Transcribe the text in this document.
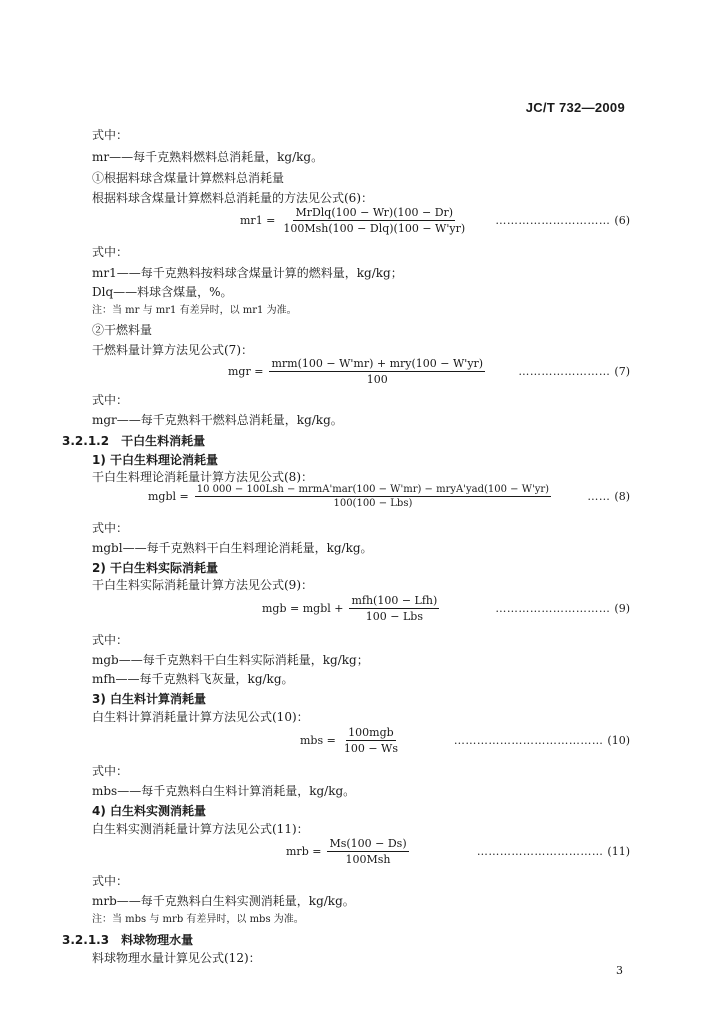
JC/T 732—2009
式中：
mr——每千克熟料燃料总消耗量，kg/kg。
①根据料球含煤量计算燃料总消耗量
根据料球含煤量计算燃料总消耗量的方法见公式(6)：
$mr1 = \frac{\text{MrDlq(100 − Wr)(100 − Dr)}}{\text{100Msh(100 − Dlq)(100 − W'yr)}}$	………………………… (6)
式中：
mr1——每千克熟料按料球含煤量计算的燃料量，kg/kg；
Dlq——料球含煤量，%。
注：当 mr 与 mr1 有差异时，以 mr1 为准。
②干燃料量
干燃料量计算方法见公式(7)：
mgr = $\frac{\text{mrm(100 − W'mr) + mry(100 − W'yr)}}{100}$	…………………… (7)
式中：
mgr——每千克熟料干燃料总消耗量，kg/kg。
3.2.1.2　干白生料消耗量
1) 干白生料理论消耗量
干白生料理论消耗量计算方法见公式(8)：
mgbl =
10 000 − 100Lsh − mrmA'mar(100 − W'mr) − mryA'yad(100 − W'yr)
100(100 − Lbs)
…… (8)
式中：
mgbl——每千克熟料干白生料理论消耗量，kg/kg。
2) 干白生料实际消耗量
干白生料实际消耗量计算方法见公式(9)：
mgb = mgbl + $\frac{\text{mfh(100 − Lfh)}}{\text{100 − Lbs}}$	………………………… (9)
式中：
mgb——每千克熟料干白生料实际消耗量，kg/kg；
mfh——每千克熟料飞灰量，kg/kg。
3) 白生料计算消耗量
白生料计算消耗量计算方法见公式(10)：
mbs = $\frac{\text{100mgb}}{100 - Ws}$	………………………………… (10)
式中：
mbs——每千克熟料白生料计算消耗量，kg/kg。
4) 白生料实测消耗量
白生料实测消耗量计算方法见公式(11)：
mrb = $\frac{Ms(100 - Ds)}{\text{100Msh}}$	…………………………… (11)
式中：
mrb——每千克熟料白生料实测消耗量，kg/kg。
注：当 mbs 与 mrb 有差异时，以 mbs 为准。
3.2.1.3　料球物理水量
料球物理水量计算见公式(12)：
3
